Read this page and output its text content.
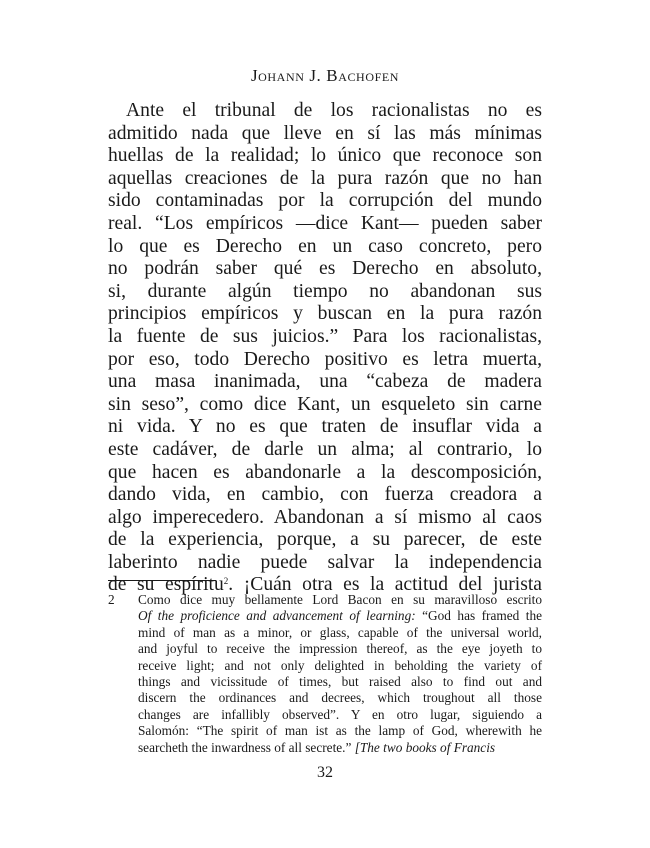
Johann J. Bachofen
Ante el tribunal de los racionalistas no es
admitido nada que lleve en sí las más mínimas
huellas de la realidad; lo único que reconoce son
aquellas creaciones de la pura razón que no han
sido contaminadas por la corrupción del mundo
real. “Los empíricos —dice Kant— pueden saber
lo que es Derecho en un caso concreto, pero
no podrán saber qué es Derecho en absoluto,
si, durante algún tiempo no abandonan sus
principios empíricos y buscan en la pura razón
la fuente de sus juicios.” Para los racionalistas,
por eso, todo Derecho positivo es letra muerta,
una masa inanimada, una “cabeza de madera
sin seso”, como dice Kant, un esqueleto sin carne
ni vida. Y no es que traten de insuflar vida a
este cadáver, de darle un alma; al contrario, lo
que hacen es abandonarle a la descomposición,
dando vida, en cambio, con fuerza creadora a
algo imperecedero. Abandonan a sí mismo al caos
de la experiencia, porque, a su parecer, de este
laberinto nadie puede salvar la independencia
de su espíritu$^2$. ¡Cuán otra es la actitud del jurista
2 Como dice muy bellamente Lord Bacon en su maravilloso escrito
Of the proficience and advancement of learning: “God has framed the
mind of man as a minor, or glass, capable of the universal world,
and joyful to receive the impression thereof, as the eye joyeth to
receive light; and not only delighted in beholding the variety of
things and vicissitude of times, but raised also to find out and
discern the ordinances and decrees, which troughout all those
changes are infallibly observed”. Y en otro lugar, siguiendo a
Salomón: “The spirit of man ist as the lamp of God, wherewith he
searcheth the inwardness of all secrete.” [The two books of Francis
32
